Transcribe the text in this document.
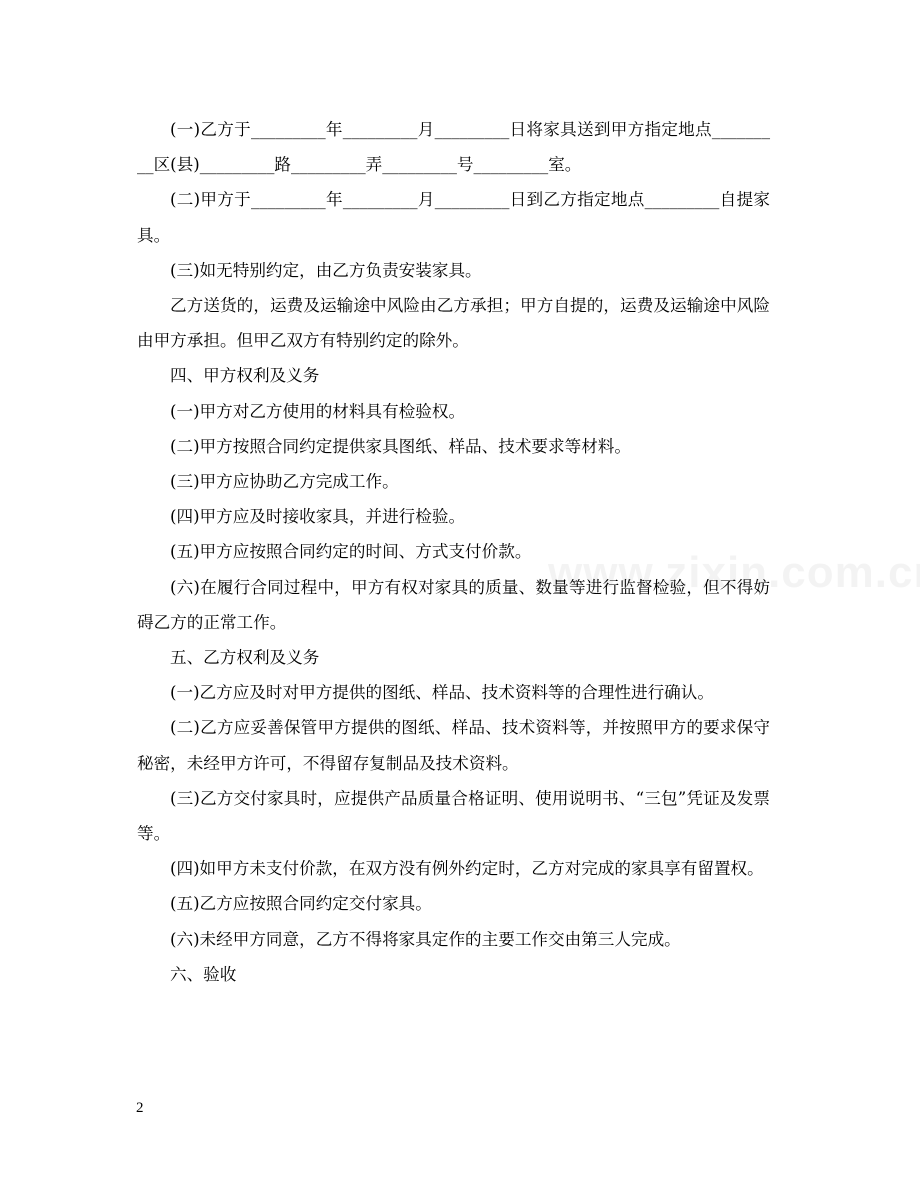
(一)乙方于_________年_________月_________日将家具送到甲方指定地点_________区(县)_________路_________弄_________号_________室。

(二)甲方于_________年_________月_________日到乙方指定地点_________自提家具。

(三)如无特别约定，由乙方负责安装家具。

乙方送货的，运费及运输途中风险由乙方承担；甲方自提的，运费及运输途中风险由甲方承担。但甲乙双方有特别约定的除外。

四、甲方权利及义务

(一)甲方对乙方使用的材料具有检验权。

(二)甲方按照合同约定提供家具图纸、样品、技术要求等材料。

(三)甲方应协助乙方完成工作。

(四)甲方应及时接收家具，并进行检验。

(五)甲方应按照合同约定的时间、方式支付价款。

(六)在履行合同过程中，甲方有权对家具的质量、数量等进行监督检验，但不得妨碍乙方的正常工作。

五、乙方权利及义务

(一)乙方应及时对甲方提供的图纸、样品、技术资料等的合理性进行确认。

(二)乙方应妥善保管甲方提供的图纸、样品、技术资料等，并按照甲方的要求保守秘密，未经甲方许可，不得留存复制品及技术资料。

(三)乙方交付家具时，应提供产品质量合格证明、使用说明书、“三包”凭证及发票等。

(四)如甲方未支付价款，在双方没有例外约定时，乙方对完成的家具享有留置权。

(五)乙方应按照合同约定交付家具。

(六)未经甲方同意，乙方不得将家具定作的主要工作交由第三人完成。

六、验收

2
